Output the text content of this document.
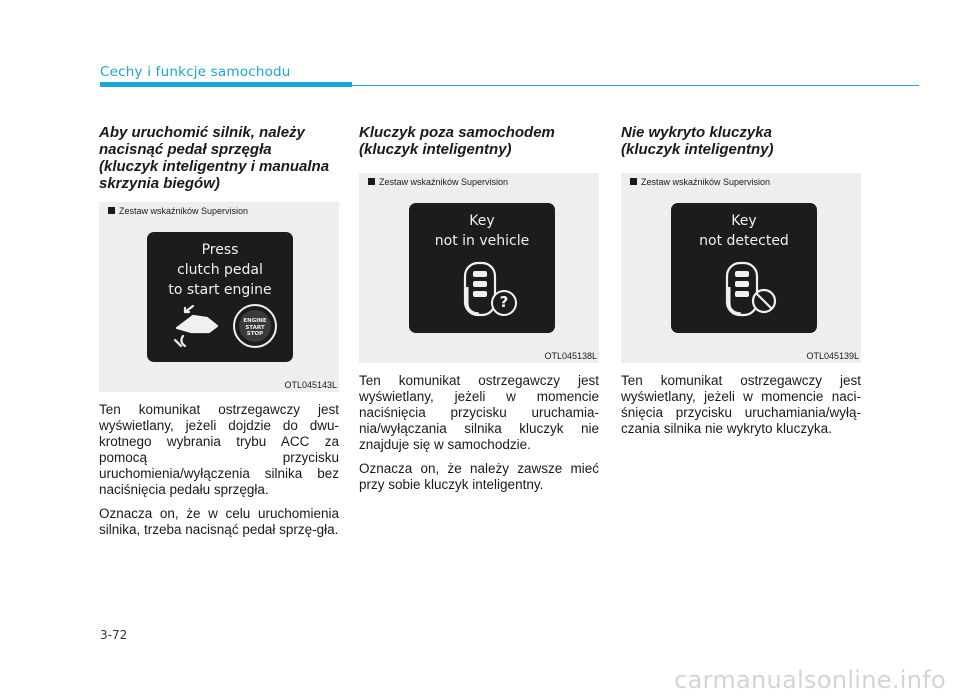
Cechy i funkcje samochodu
Aby uruchomić silnik, należy
nacisnąć pedał sprzęgła
(kluczyk inteligentny i manualna
skrzynia biegów)
Zestaw wskaźników Supervision
Press
clutch pedal
to start engine
ENGINE
START
STOP
OTL045143L

Ten komunikat ostrzegawczy jest wyświetlany, jeżeli dojdzie do dwu-krotnego wybrania trybu ACC za pomocą przycisku uruchomienia/wyłączenia silnika bez naciśnięcia pedału sprzęgła.

Oznacza on, że w celu uruchomienia silnika, trzeba nacisnąć pedał sprzę-gła.

Kluczyk poza samochodem
(kluczyk inteligentny)
Zestaw wskaźników Supervision
Key
not in vehicle
?
OTL045138L

Ten komunikat ostrzegawczy jest wyświetlany, jeżeli w momencie naciśnięcia przycisku uruchamia-nia/wyłączania silnika kluczyk nie znajduje się w samochodzie.

Oznacza on, że należy zawsze mieć przy sobie kluczyk inteligentny.

Nie wykryto kluczyka
(kluczyk inteligentny)
Zestaw wskaźników Supervision
Key
not detected
OTL045139L

Ten komunikat ostrzegawczy jest wyświetlany, jeżeli w momencie naci-śnięcia przycisku uruchamiania/wyłą-czania silnika nie wykryto kluczyka.

3-72
carmanualsonline.info
